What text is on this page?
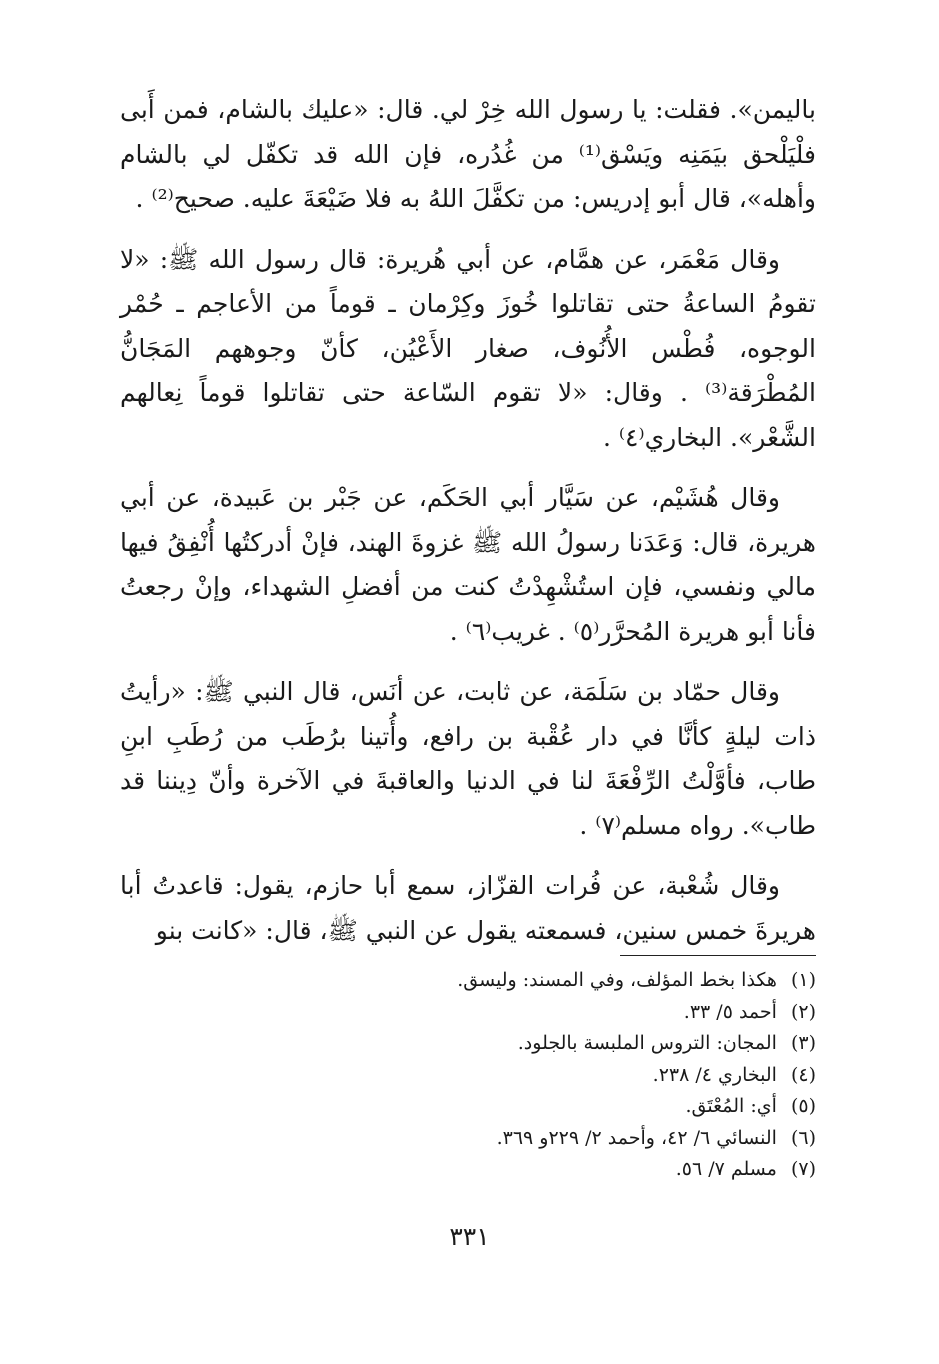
باليمن». فقلت: يا رسول الله خِرْ لي. قال: «عليك بالشام، فمن أَبى فلْيَلْحق بيَمَنِه ويَسْق⁽¹⁾ من غُدُره، فإن الله قد تكفّل لي بالشام وأهله»، قال أبو إدريس: من تكفَّلَ اللهُ به فلا ضَيْعَةَ عليه. صحيح⁽²⁾ .

وقال مَعْمَر، عن همَّام، عن أبي هُريرة: قال رسول الله ﷺ: «لا تقومُ الساعةُ حتى تقاتلوا خُوزَ وكِرْمان ـ قوماً من الأعاجم ـ حُمْر الوجوه، فُطْس الأُنُوف، صغار الأَعْيُن، كأنّ وجوههم المَجَانُّ المُطْرَقة⁽³⁾ . وقال: «لا تقوم السّاعة حتى تقاتلوا قوماً نِعالهم الشَّعْر». البخاري⁽٤⁾ .

وقال هُشَيْم، عن سَيَّار أبي الحَكَم، عن جَبْر بن عَبيدة، عن أبي هريرة، قال: وَعَدَنا رسولُ الله ﷺ غزوةَ الهند، فإنْ أدركتُها أُنْفِقُ فيها مالي ونفسي، فإن استُشْهِدْتُ كنت من أفضلِ الشهداء، وإنْ رجعتُ فأنا أبو هريرة المُحرَّر⁽٥⁾ . غريب⁽٦⁾ .

وقال حمّاد بن سَلَمَة، عن ثابت، عن أنَس، قال النبي ﷺ: «رأيتُ ذات ليلةٍ كأنَّا في دار عُقْبة بن رافع، وأُتينا برُطَب من رُطَبِ ابنِ طاب، فأوَّلْتُ الرِّفْعَةَ لنا في الدنيا والعاقبةَ في الآخرة وأنّ دِيننا قد طاب». رواه مسلم⁽٧⁾ .

وقال شُعْبة، عن فُرات القزّاز، سمع أبا حازم، يقول: قاعدتُ أبا هريرةَ خمس سنين، فسمعته يقول عن النبي ﷺ، قال: «كانت بنو

(١)
هكذا بخط المؤلف، وفي المسند: وليسق.
(٢)
أحمد ٥/ ٣٣.
(٣)
المجان: التروس الملبسة بالجلود.
(٤)
البخاري ٤/ ٢٣٨.
(٥)
أي: المُعْتَق.
(٦)
النسائي ٦/ ٤٢، وأحمد ٢/ ٢٢٩و ٣٦٩.
(٧)
مسلم ٧/ ٥٦.
٣٣١
